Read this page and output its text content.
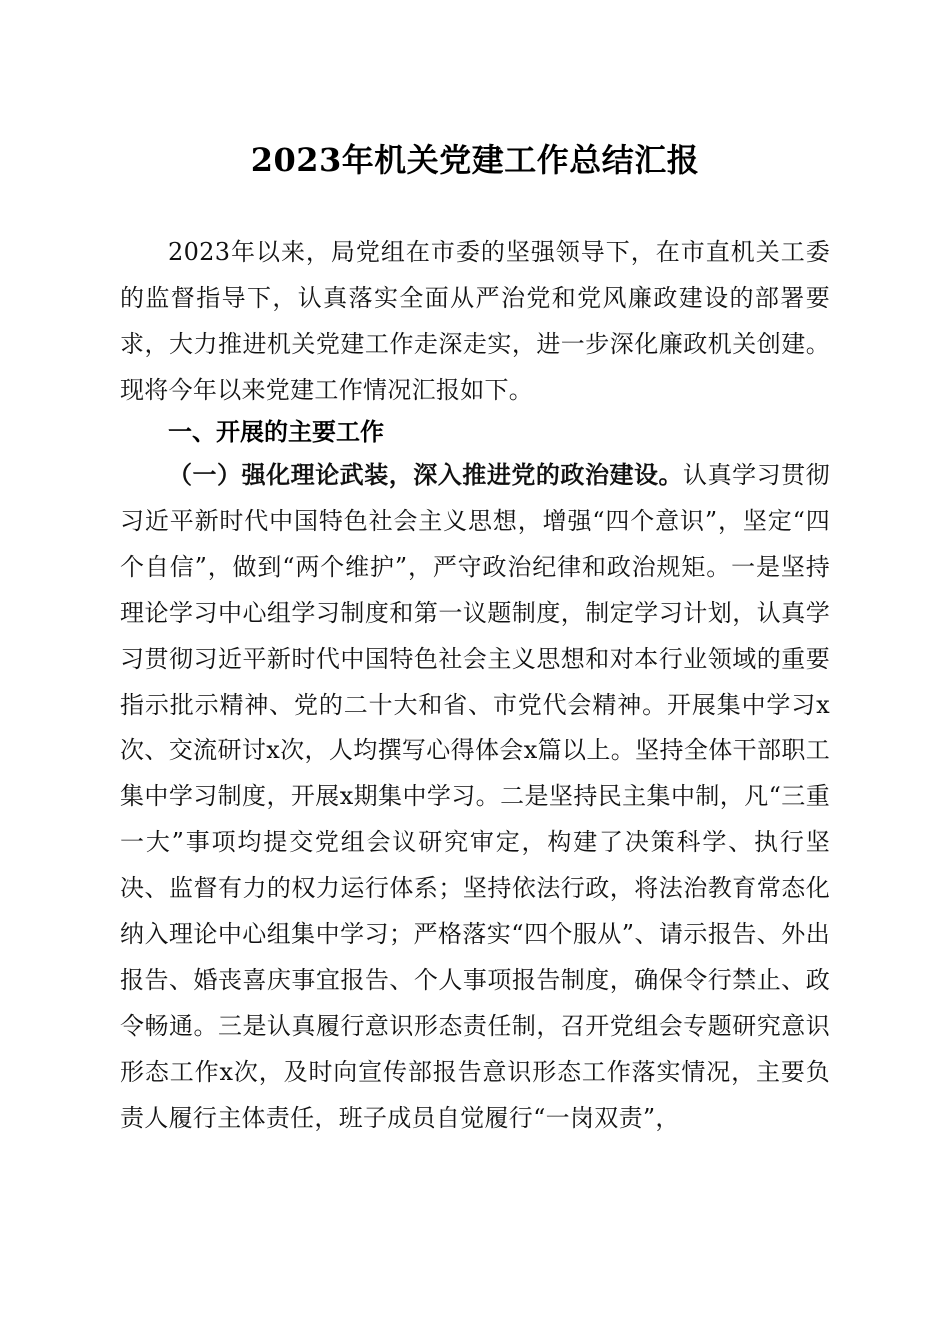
2023年机关党建工作总结汇报
2023年以来，局党组在市委的坚强领导下，在市直机关工委的监督指导下，认真落实全面从严治党和党风廉政建设的部署要求，大力推进机关党建工作走深走实，进一步深化廉政机关创建。现将今年以来党建工作情况汇报如下。
一、开展的主要工作
（一）强化理论武装，深入推进党的政治建设。认真学习贯彻习近平新时代中国特色社会主义思想，增强“四个意识”，坚定“四个自信”，做到“两个维护”，严守政治纪律和政治规矩。一是坚持理论学习中心组学习制度和第一议题制度，制定学习计划，认真学习贯彻习近平新时代中国特色社会主义思想和对本行业领域的重要指示批示精神、党的二十大和省、市党代会精神。开展集中学习x次、交流研讨x次，人均撰写心得体会x篇以上。坚持全体干部职工集中学习制度，开展x期集中学习。二是坚持民主集中制，凡“三重一大”事项均提交党组会议研究审定，构建了决策科学、执行坚决、监督有力的权力运行体系；坚持依法行政，将法治教育常态化纳入理论中心组集中学习；严格落实“四个服从”、请示报告、外出报告、婚丧喜庆事宜报告、个人事项报告制度，确保令行禁止、政令畅通。三是认真履行意识形态责任制，召开党组会专题研究意识形态工作x次，及时向宣传部报告意识形态工作落实情况，主要负责人履行主体责任，班子成员自觉履行“一岗双责”，
